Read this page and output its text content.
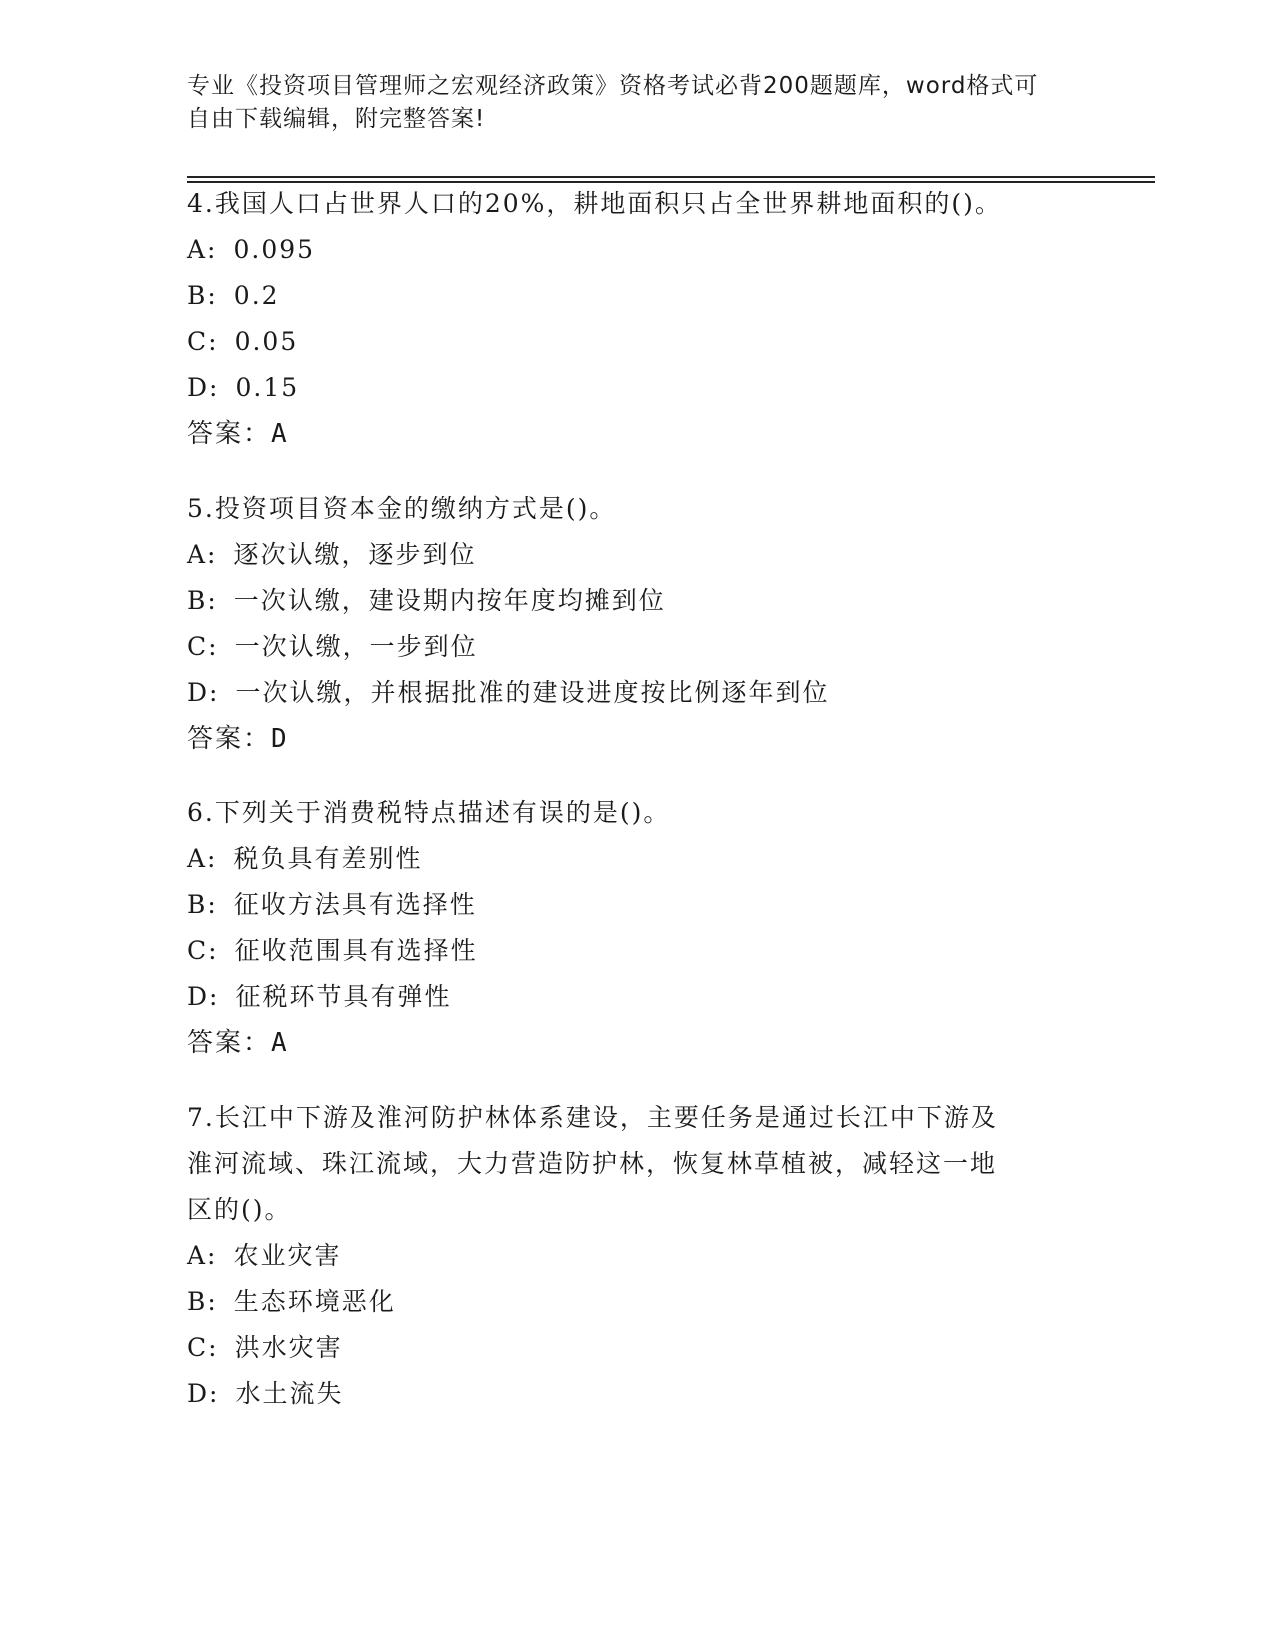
专业《投资项目管理师之宏观经济政策》资格考试必背200题题库，word格式可
自由下载编辑，附完整答案!
4.我国人口占世界人口的20%，耕地面积只占全世界耕地面积的()。
A: 0.095
B: 0.2
C: 0.05
D: 0.15
答案：A
5.投资项目资本金的缴纳方式是()。
A: 逐次认缴，逐步到位
B: 一次认缴，建设期内按年度均摊到位
C: 一次认缴，一步到位
D: 一次认缴，并根据批准的建设进度按比例逐年到位
答案：D
6.下列关于消费税特点描述有误的是()。
A: 税负具有差别性
B: 征收方法具有选择性
C: 征收范围具有选择性
D: 征税环节具有弹性
答案：A
7.长江中下游及淮河防护林体系建设，主要任务是通过长江中下游及
淮河流域、珠江流域，大力营造防护林，恢复林草植被，减轻这一地
区的()。
A: 农业灾害
B: 生态环境恶化
C: 洪水灾害
D: 水土流失
